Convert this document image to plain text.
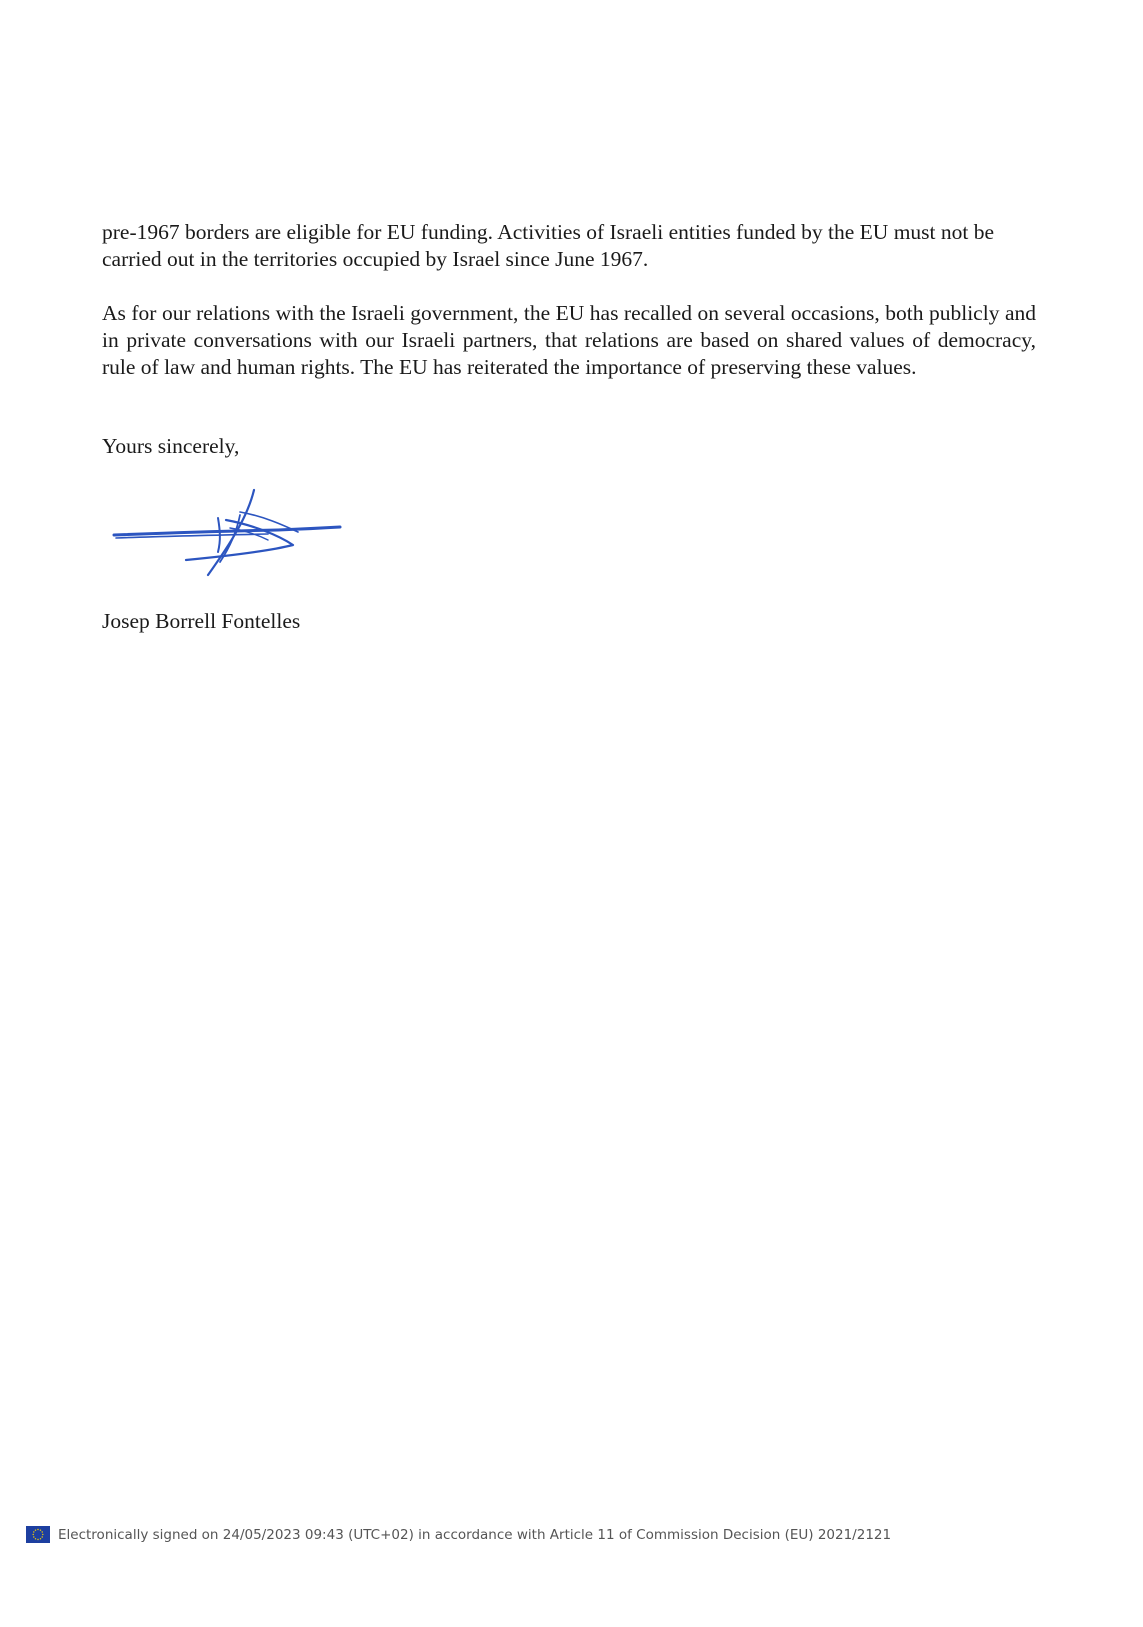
pre-1967 borders are eligible for EU funding. Activities of Israeli entities funded by the EU must not be carried out in the territories occupied by Israel since June 1967.

As for our relations with the Israeli government, the EU has recalled on several occasions, both publicly and in private conversations with our Israeli partners, that relations are based on shared values of democracy, rule of law and human rights. The EU has reiterated the importance of preserving these values.

Yours sincerely,
Josep Borrell Fontelles
Electronically signed on 24/05/2023 09:43 (UTC+02) in accordance with Article 11 of Commission Decision (EU) 2021/2121
